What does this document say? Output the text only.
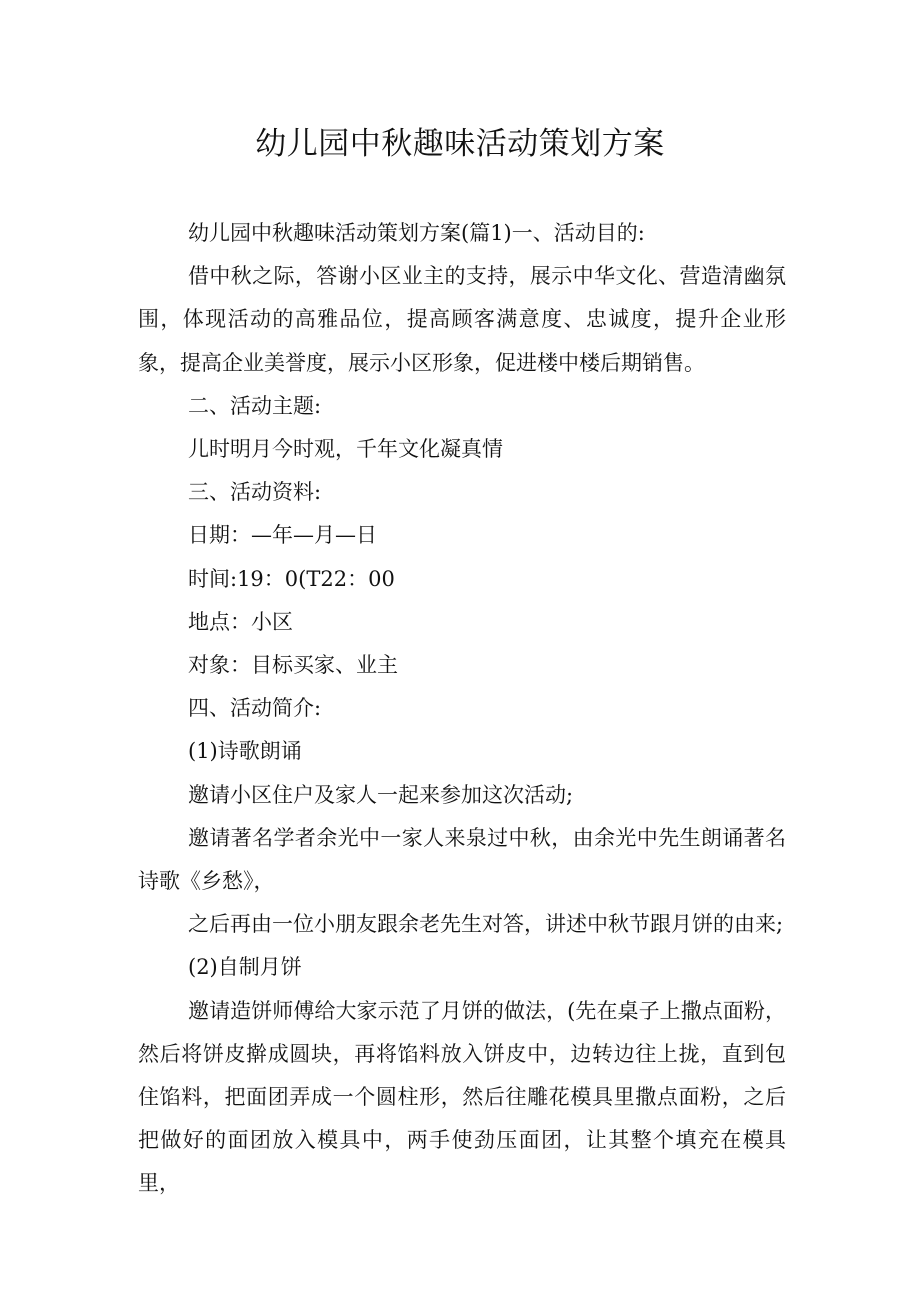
幼儿园中秋趣味活动策划方案

幼儿园中秋趣味活动策划方案(篇1)一、活动目的:

借中秋之际，答谢小区业主的支持，展示中华文化、营造清幽氛围，体现活动的高雅品位，提高顾客满意度、忠诚度，提升企业形象，提高企业美誉度，展示小区形象，促进楼中楼后期销售。

二、活动主题:

儿时明月今时观，千年文化凝真情

三、活动资料:

日期：—年—月—日

时间:19：0(T22：00

地点：小区

对象：目标买家、业主

四、活动简介:

(1)诗歌朗诵

邀请小区住户及家人一起来参加这次活动;

邀请著名学者余光中一家人来泉过中秋，由余光中先生朗诵著名诗歌《乡愁》，

之后再由一位小朋友跟余老先生对答，讲述中秋节跟月饼的由来;

(2)自制月饼

邀请造饼师傅给大家示范了月饼的做法，(先在桌子上撒点面粉，然后将饼皮擀成圆块，再将馅料放入饼皮中，边转边往上拢，直到包住馅料，把面团弄成一个圆柱形，然后往雕花模具里撒点面粉，之后把做好的面团放入模具中，两手使劲压面团，让其整个填充在模具里，
